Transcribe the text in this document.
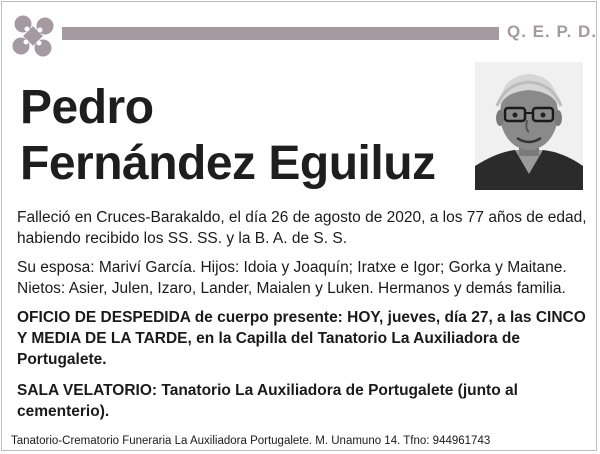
Q. E. P. D.
Pedro
Fernández Eguiluz
Falleció en Cruces-Barakaldo, el día 26 de agosto de 2020, a los 77 años de edad, habiendo recibido los SS. SS. y la B. A. de S. S.
Su esposa: Mariví García. Hijos: Idoia y Joaquín; Iratxe e Igor; Gorka y Maitane. Nietos: Asier, Julen, Izaro, Lander, Maialen y Luken. Hermanos y demás familia.
OFICIO DE DESPEDIDA de cuerpo presente: HOY, jueves, día 27, a las CINCO Y MEDIA DE LA TARDE, en la Capilla del Tanatorio La Auxiliadora de Portugalete.
SALA VELATORIO: Tanatorio La Auxiliadora de Portugalete (junto al cementerio).
Tanatorio-Crematorio Funeraria La Auxiliadora Portugalete. M. Unamuno 14. Tfno: 944961743
